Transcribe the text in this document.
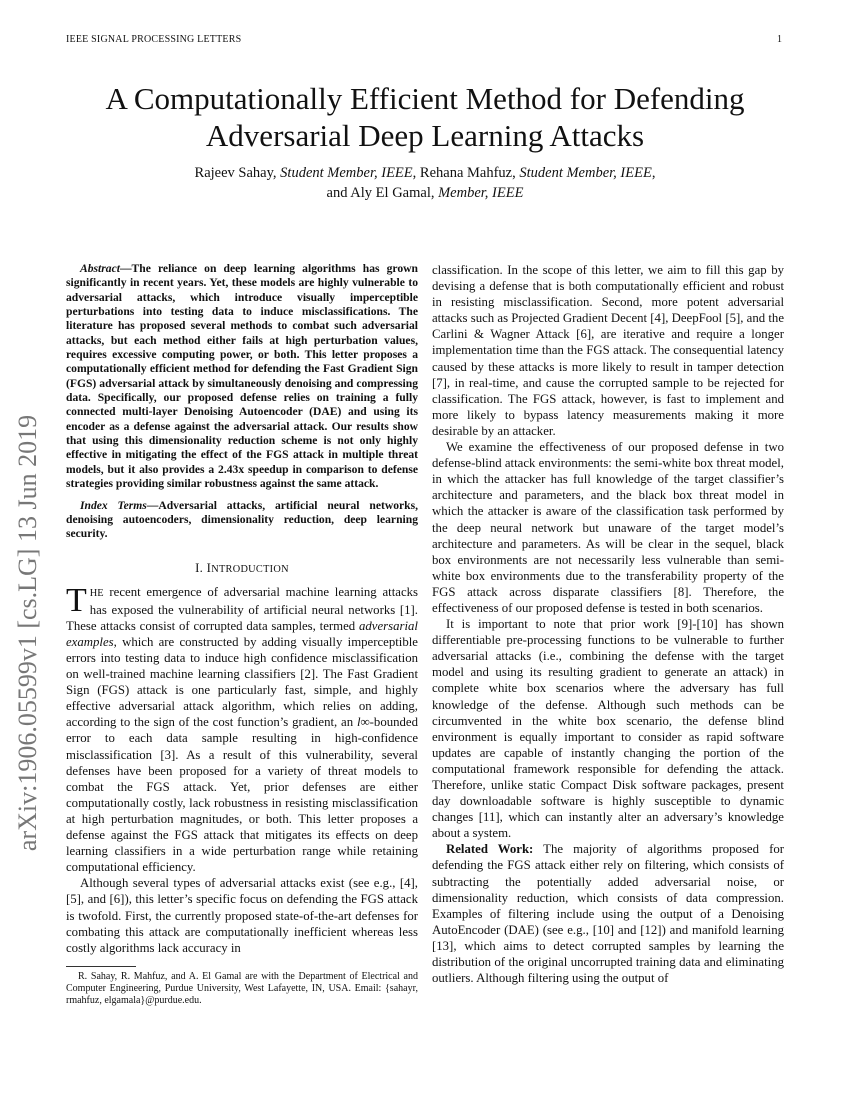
IEEE SIGNAL PROCESSING LETTERS	1
A Computationally Efficient Method for Defending Adversarial Deep Learning Attacks
Rajeev Sahay, Student Member, IEEE, Rehana Mahfuz, Student Member, IEEE,
and Aly El Gamal, Member, IEEE
arXiv:1906.05599v1 [cs.LG] 13 Jun 2019

Abstract—The reliance on deep learning algorithms has grown significantly in recent years. Yet, these models are highly vulnerable to adversarial attacks, which introduce visually imperceptible perturbations into testing data to induce misclassifications. The literature has proposed several methods to combat such adversarial attacks, but each method either fails at high perturbation values, requires excessive computing power, or both. This letter proposes a computationally efficient method for defending the Fast Gradient Sign (FGS) adversarial attack by simultaneously denoising and compressing data. Specifically, our proposed defense relies on training a fully connected multi-layer Denoising Autoencoder (DAE) and using its encoder as a defense against the adversarial attack. Our results show that using this dimensionality reduction scheme is not only highly effective in mitigating the effect of the FGS attack in multiple threat models, but it also provides a 2.43x speedup in comparison to defense strategies providing similar robustness against the same attack.

Index Terms—Adversarial attacks, artificial neural networks, denoising autoencoders, dimensionality reduction, deep learning security.

I. INTRODUCTION

THE recent emergence of adversarial machine learning attacks has exposed the vulnerability of artificial neural networks [1]. These attacks consist of corrupted data samples, termed adversarial examples, which are constructed by adding visually imperceptible errors into testing data to induce high confidence misclassification on well-trained machine learning classifiers [2]. The Fast Gradient Sign (FGS) attack is one particularly fast, simple, and highly effective adversarial attack algorithm, which relies on adding, according to the sign of the cost function’s gradient, an l∞-bounded error to each data sample resulting in high-confidence misclassification [3]. As a result of this vulnerability, several defenses have been proposed for a variety of threat models to combat the FGS attack. Yet, prior defenses are either computationally costly, lack robustness in resisting misclassification at high perturbation magnitudes, or both. This letter proposes a defense against the FGS attack that mitigates its effects on deep learning classifiers in a wide perturbation range while retaining computational efficiency.

Although several types of adversarial attacks exist (see e.g., [4], [5], and [6]), this letter’s specific focus on defending the FGS attack is twofold. First, the currently proposed state-of-the-art defenses for combating this attack are computationally inefficient whereas less costly algorithms lack accuracy in

R. Sahay, R. Mahfuz, and A. El Gamal are with the Department of Electrical and Computer Engineering, Purdue University, West Lafayette, IN, USA. Email: {sahayr, rmahfuz, elgamala}@purdue.edu.

classification. In the scope of this letter, we aim to fill this gap by devising a defense that is both computationally efficient and robust in resisting misclassification. Second, more potent adversarial attacks such as Projected Gradient Decent [4], DeepFool [5], and the Carlini & Wagner Attack [6], are iterative and require a longer implementation time than the FGS attack. The consequential latency caused by these attacks is more likely to result in tamper detection [7], in real-time, and cause the corrupted sample to be rejected for classification. The FGS attack, however, is fast to implement and more likely to bypass latency measurements making it more desirable by an attacker.

We examine the effectiveness of our proposed defense in two defense-blind attack environments: the semi-white box threat model, in which the attacker has full knowledge of the target classifier’s architecture and parameters, and the black box threat model in which the attacker is aware of the classification task performed by the deep neural network but unaware of the target model’s architecture and parameters. As will be clear in the sequel, black box environments are not necessarily less vulnerable than semi-white box environments due to the transferability property of the FGS attack across disparate classifiers [8]. Therefore, the effectiveness of our proposed defense is tested in both scenarios.

It is important to note that prior work [9]-[10] has shown differentiable pre-processing functions to be vulnerable to further adversarial attacks (i.e., combining the defense with the target model and using its resulting gradient to generate an attack) in complete white box scenarios where the adversary has full knowledge of the defense. Although such methods can be circumvented in the white box scenario, the defense blind environment is equally important to consider as rapid software updates are capable of instantly changing the portion of the computational framework responsible for defending the attack. Therefore, unlike static Compact Disk software packages, present day downloadable software is highly susceptible to dynamic changes [11], which can instantly alter an adversary’s knowledge about a system.

Related Work: The majority of algorithms proposed for defending the FGS attack either rely on filtering, which consists of subtracting the potentially added adversarial noise, or dimensionality reduction, which consists of data compression. Examples of filtering include using the output of a Denoising AutoEncoder (DAE) (see e.g., [10] and [12]) and manifold learning [13], which aims to detect corrupted samples by learning the distribution of the original uncorrupted training data and eliminating outliers. Although filtering using the output of
